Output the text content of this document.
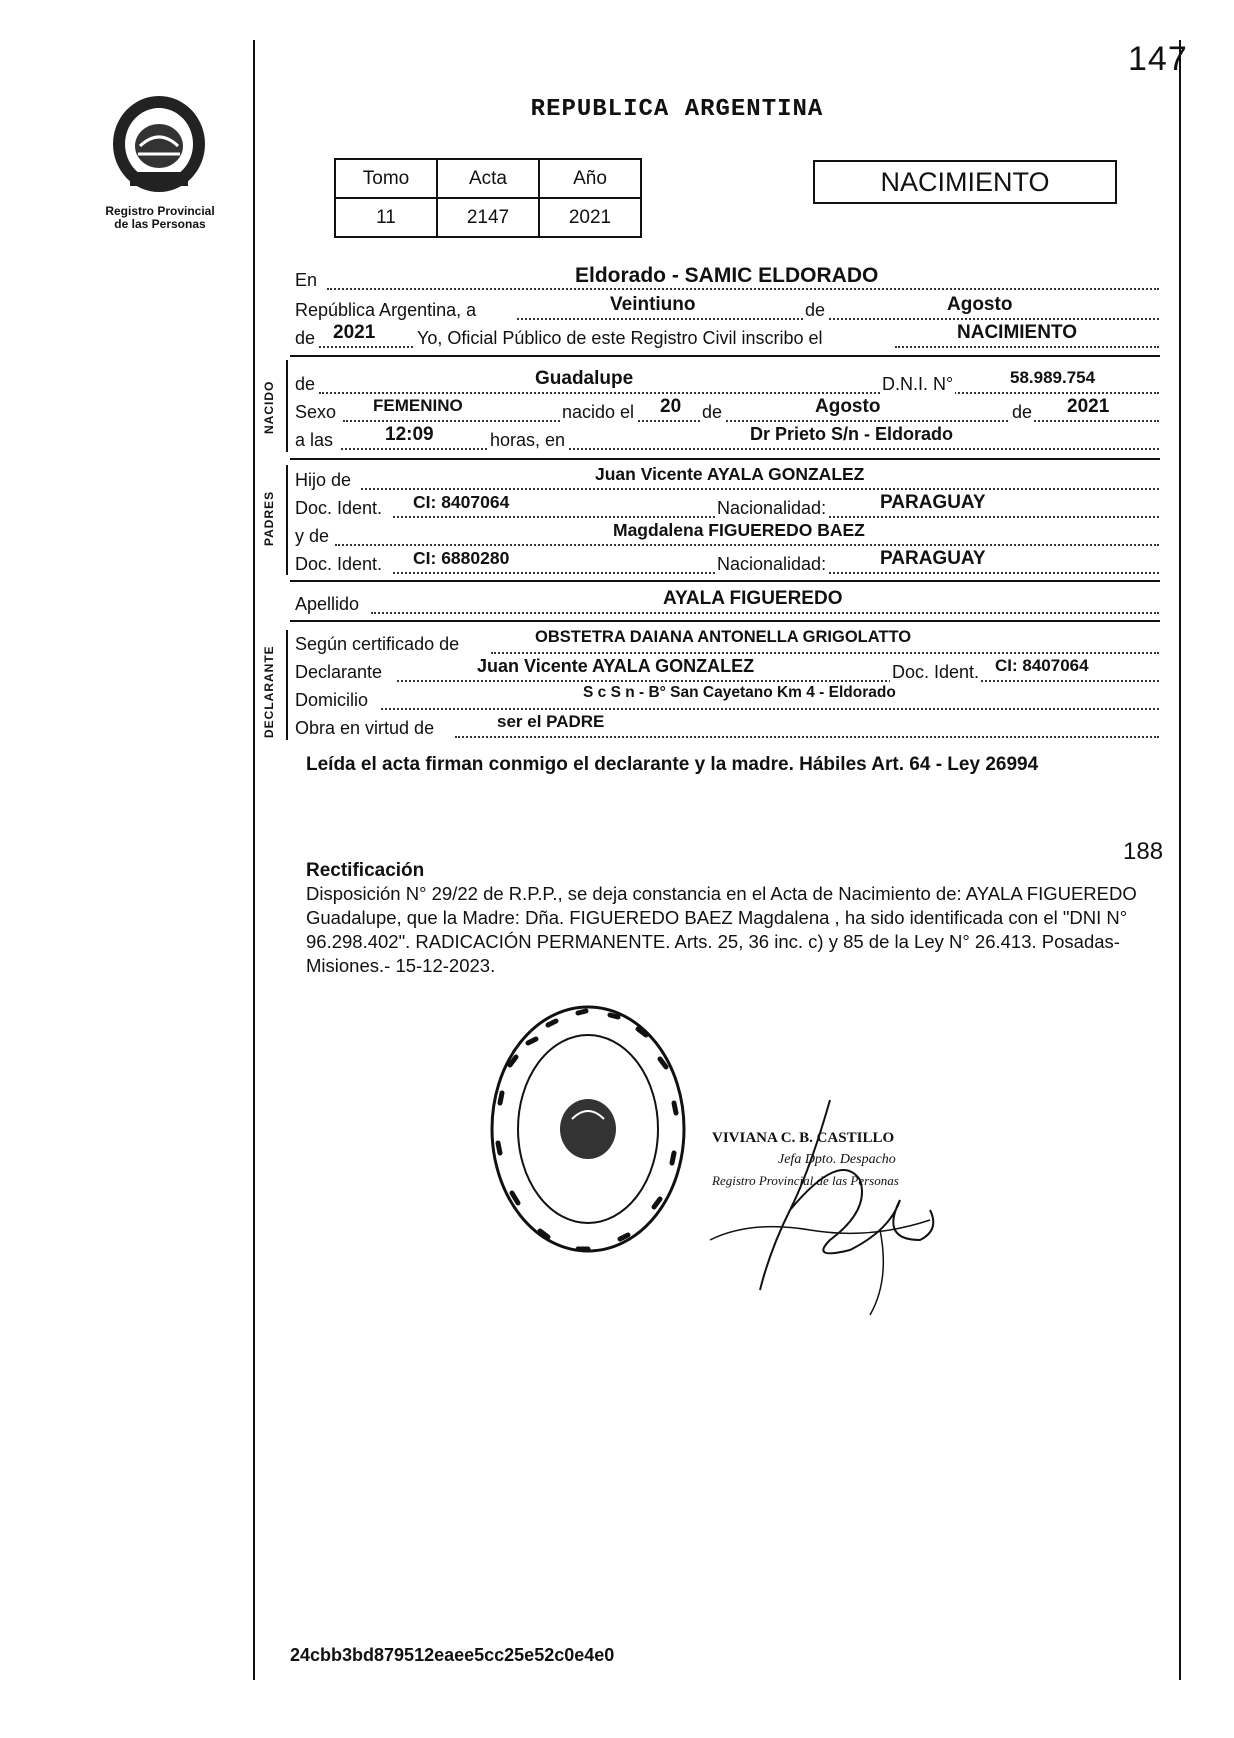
Registro Provincial
de las Personas
147
REPUBLICA ARGENTINA
Tomo	Acta	Año
11	2147	2021
NACIMIENTO
En	Eldorado - SAMIC ELDORADO
República Argentina, a	Veintiuno	de	Agosto
de 2021 Yo, Oficial Público de este Registro Civil inscribo el	NACIMIENTO
NACIDO de	Guadalupe	D.N.I. N°	58.989.754
Sexo FEMENINO	nacido el 20 de	Agosto	de 2021
a las	12:09	horas, en	Dr Prieto S/n - Eldorado
PADRES
Hijo de	Juan Vicente AYALA GONZALEZ
Doc. Ident. CI: 8407064	Nacionalidad:	PARAGUAY
y de	Magdalena FIGUEREDO BAEZ
Doc. Ident. CI: 6880280	Nacionalidad:	PARAGUAY
Apellido	AYALA FIGUEREDO
DECLARANTE
Según certificado de	OBSTETRA DAIANA ANTONELLA GRIGOLATTO
Declarante	Juan Vicente AYALA GONZALEZ	Doc. Ident. CI: 8407064
Domicilio	S c S n - B° San Cayetano Km 4 - Eldorado
Obra en virtud de	ser el PADRE
Leída el acta firman conmigo el declarante y la madre. Hábiles Art. 64 - Ley 26994
188
Rectificación
Disposición N° 29/22 de R.P.P., se deja constancia en el Acta de Nacimiento de: AYALA FIGUEREDO Guadalupe, que la Madre: Dña. FIGUEREDO BAEZ Magdalena , ha sido identificada con el "DNI N° 96.298.402". RADICACIÓN PERMANENTE. Arts. 25, 36 inc. c) y 85 de la Ley N° 26.413. Posadas- Misiones.- 15-12-2023.
VIVIANA C. B. CASTILLO
Jefa Dpto. Despacho
Registro Provincial de las Personas
24cbb3bd879512eaee5cc25e52c0e4e0
